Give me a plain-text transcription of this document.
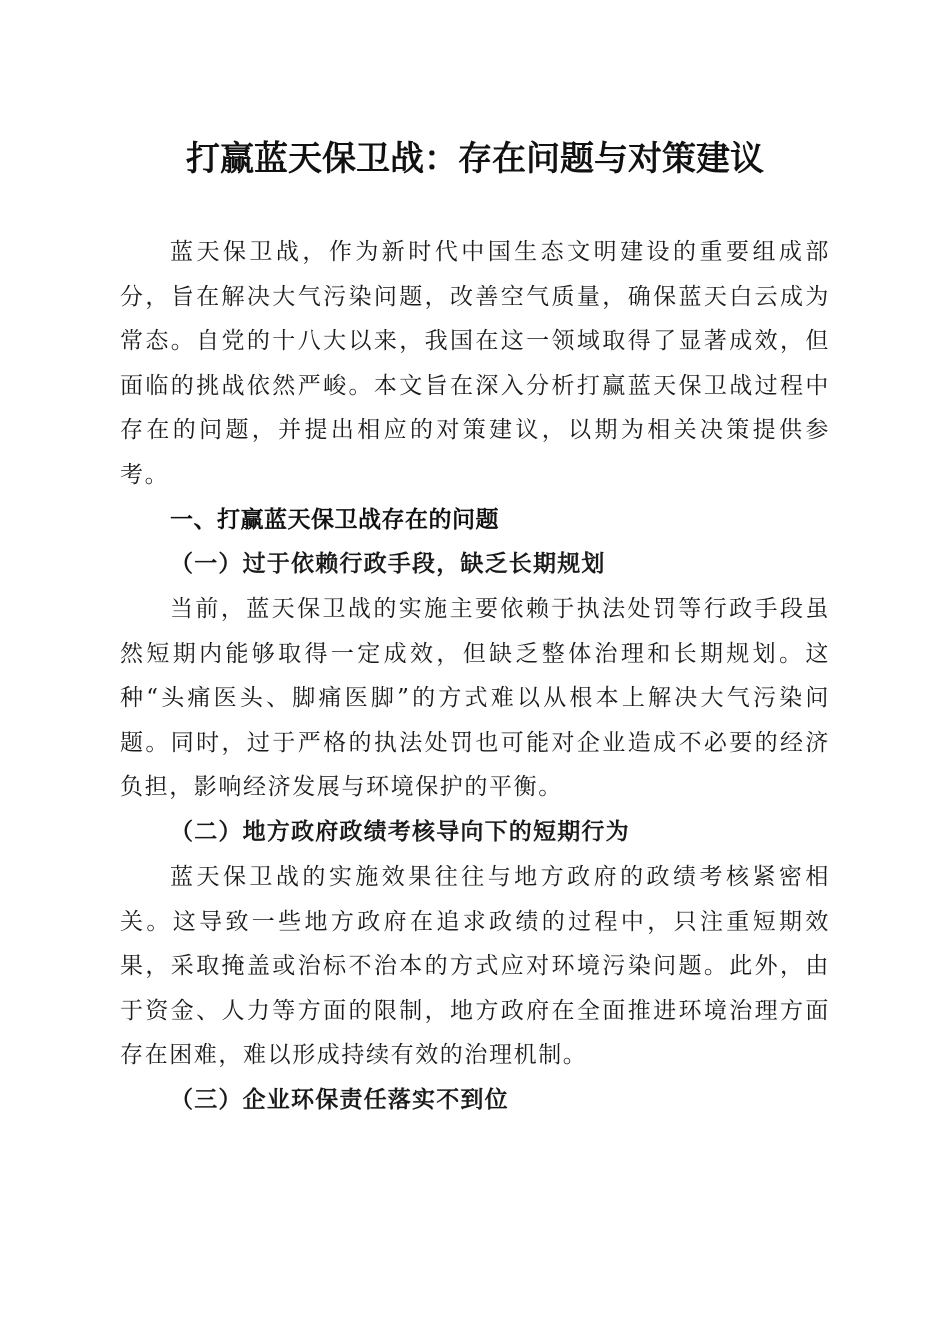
打赢蓝天保卫战：存在问题与对策建议

蓝天保卫战，作为新时代中国生态文明建设的重要组成部分，旨在解决大气污染问题，改善空气质量，确保蓝天白云成为常态。自党的十八大以来，我国在这一领域取得了显著成效，但面临的挑战依然严峻。本文旨在深入分析打赢蓝天保卫战过程中存在的问题，并提出相应的对策建议，以期为相关决策提供参考。

一、打赢蓝天保卫战存在的问题
（一）过于依赖行政手段，缺乏长期规划

当前，蓝天保卫战的实施主要依赖于执法处罚等行政手段虽然短期内能够取得一定成效，但缺乏整体治理和长期规划。这种“头痛医头、脚痛医脚”的方式难以从根本上解决大气污染问题。同时，过于严格的执法处罚也可能对企业造成不必要的经济负担，影响经济发展与环境保护的平衡。

（二）地方政府政绩考核导向下的短期行为

蓝天保卫战的实施效果往往与地方政府的政绩考核紧密相关。这导致一些地方政府在追求政绩的过程中，只注重短期效果，采取掩盖或治标不治本的方式应对环境污染问题。此外，由于资金、人力等方面的限制，地方政府在全面推进环境治理方面存在困难，难以形成持续有效的治理机制。

（三）企业环保责任落实不到位
